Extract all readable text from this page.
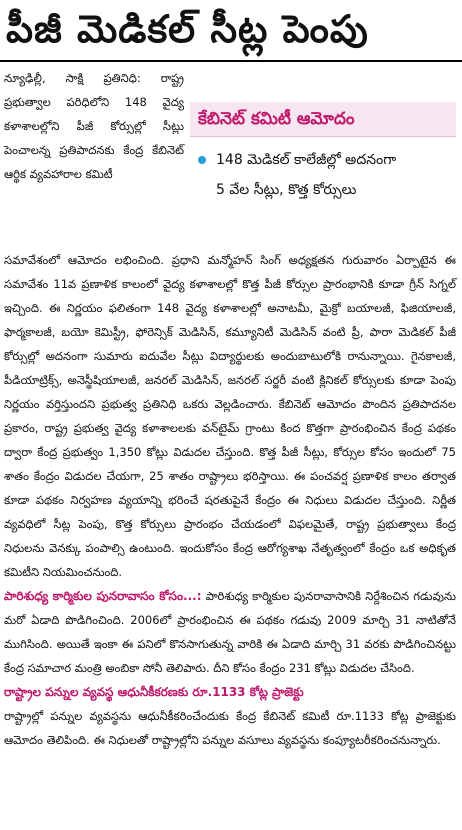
పీజీ మెడికల్ సీట్ల పెంపు
న్యూఢిల్లీ, సాక్షి ప్రతినిధి: రాష్ట్ర ప్రభుత్వాల పరిధిలోని 148 వైద్య కళాశాలల్లోని పీజీ కోర్సుల్లో సీట్లు పెంచాలన్న ప్రతిపాదనకు కేంద్ర కేబినెట్ ఆర్థిక వ్యవహారాల కమిటీ
కేబినెట్ కమిటీ ఆమోదం
148 మెడికల్ కాలేజీల్లో అదనంగా
5 వేల సీట్లు, కొత్త కోర్సులు
సమావేశంలో ఆమోదం లభించింది. ప్రధాని మన్మోహన్ సింగ్ అధ్యక్షతన గురువారం ఏర్పాటైన ఈ సమావేశం 11వ ప్రణాళిక కాలంలో వైద్య కళాశాలల్లో కొత్త పీజీ కోర్సుల ప్రారంభానికి కూడా గ్రీన్ సిగ్నల్ ఇచ్చింది. ఈ నిర్ణయం ఫలితంగా 148 వైద్య కళాశాలల్లో అనాటమీ, మైక్రో బయాలజీ, ఫిజియాలజీ, ఫార్మకాలజీ, బయో కెమిస్ట్రీ, ఫోరెన్సిక్ మెడిసిన్, కమ్యూనిటీ మెడిసిన్ వంటి ప్రీ, పారా మెడికల్ పీజీ కోర్సుల్లో అదనంగా సుమారు ఐదువేల సీట్లు విద్యార్థులకు అందుబాటులోకి రానున్నాయి. గైనకాలజీ, పీడియాట్రిక్స్, అనెస్థీషియాలజీ, జనరల్ మెడిసిన్, జనరల్ సర్జరీ వంటి క్లినికల్ కోర్సులకు కూడా పెంపు నిర్ణయం వర్తిస్తుందని ప్రభుత్వ ప్రతినిధి ఒకరు వెల్లడించారు. కేబినెట్ ఆమోదం పొందిన ప్రతిపాదనల ప్రకారం, రాష్ట్ర ప్రభుత్వ వైద్య కళాశాలలకు వన్‌టైమ్ గ్రాంటు కింద కొత్తగా ప్రారంభించిన కేంద్ర పథకం ద్వారా కేంద్ర ప్రభుత్వం 1,350 కోట్లు విడుదల చేస్తుంది. కొత్త పీజీ సీట్లు, కోర్సుల కోసం ఇందులో 75 శాతం కేంద్రం విడుదల చేయగా, 25 శాతం రాష్ట్రాలు భరిస్తాయి. ఈ పంచవర్ష ప్రణాళిక కాలం తర్వాత కూడా పథకం నిర్వహణ వ్యయాన్ని భరించే షరతుపైనే కేంద్రం ఈ నిధులు విడుదల చేస్తుంది. నిర్ణీత వ్యవధిలో సీట్ల పెంపు, కొత్త కోర్సులు ప్రారంభం చేయడంలో విఫలమైతే, రాష్ట్ర ప్రభుత్వాలు కేంద్ర నిధులను వెనక్కు పంపాల్సి ఉంటుంది. ఇందుకోసం కేంద్ర ఆరోగ్యశాఖ నేతృత్వంలో కేంద్రం ఒక అధికృత కమిటీని నియమించనుంది.
పారిశుధ్య కార్మికుల పునరావాసం కోసం...: పారిశుధ్య కార్మికుల పునరావాసానికి నిర్దేశించిన గడువును మరో ఏడాది పొడిగించింది. 2006లో ప్రారంభించిన ఈ పథకం గడువు 2009 మార్చి 31 నాటితోనే ముగిసింది. అయితే ఇంకా ఈ పనిలో కొనసాగుతున్న వారికి ఈ ఏడాది మార్చి 31 వరకు పొడిగించినట్టు కేంద్ర సమాచార మంత్రి అంబికా సోనీ తెలిపారు. దీని కోసం కేంద్రం 231 కోట్లు విడుదల చేసింది.
రాష్ట్రాల పన్నుల వ్యవస్థ ఆధునీకీకరణకు రూ.1133 కోట్ల ప్రాజెక్టు
రాష్ట్రాల్లో పన్నుల వ్యవస్థను ఆధునీకీకరించేందుకు కేంద్ర కేబినెట్ కమిటీ రూ.1133 కోట్ల ప్రాజెక్టుకు ఆమోదం తెలిపింది. ఈ నిధులతో రాష్ట్రాల్లోని పన్నుల వసూలు వ్యవస్థను కంప్యూటరీకరించనున్నారు.
